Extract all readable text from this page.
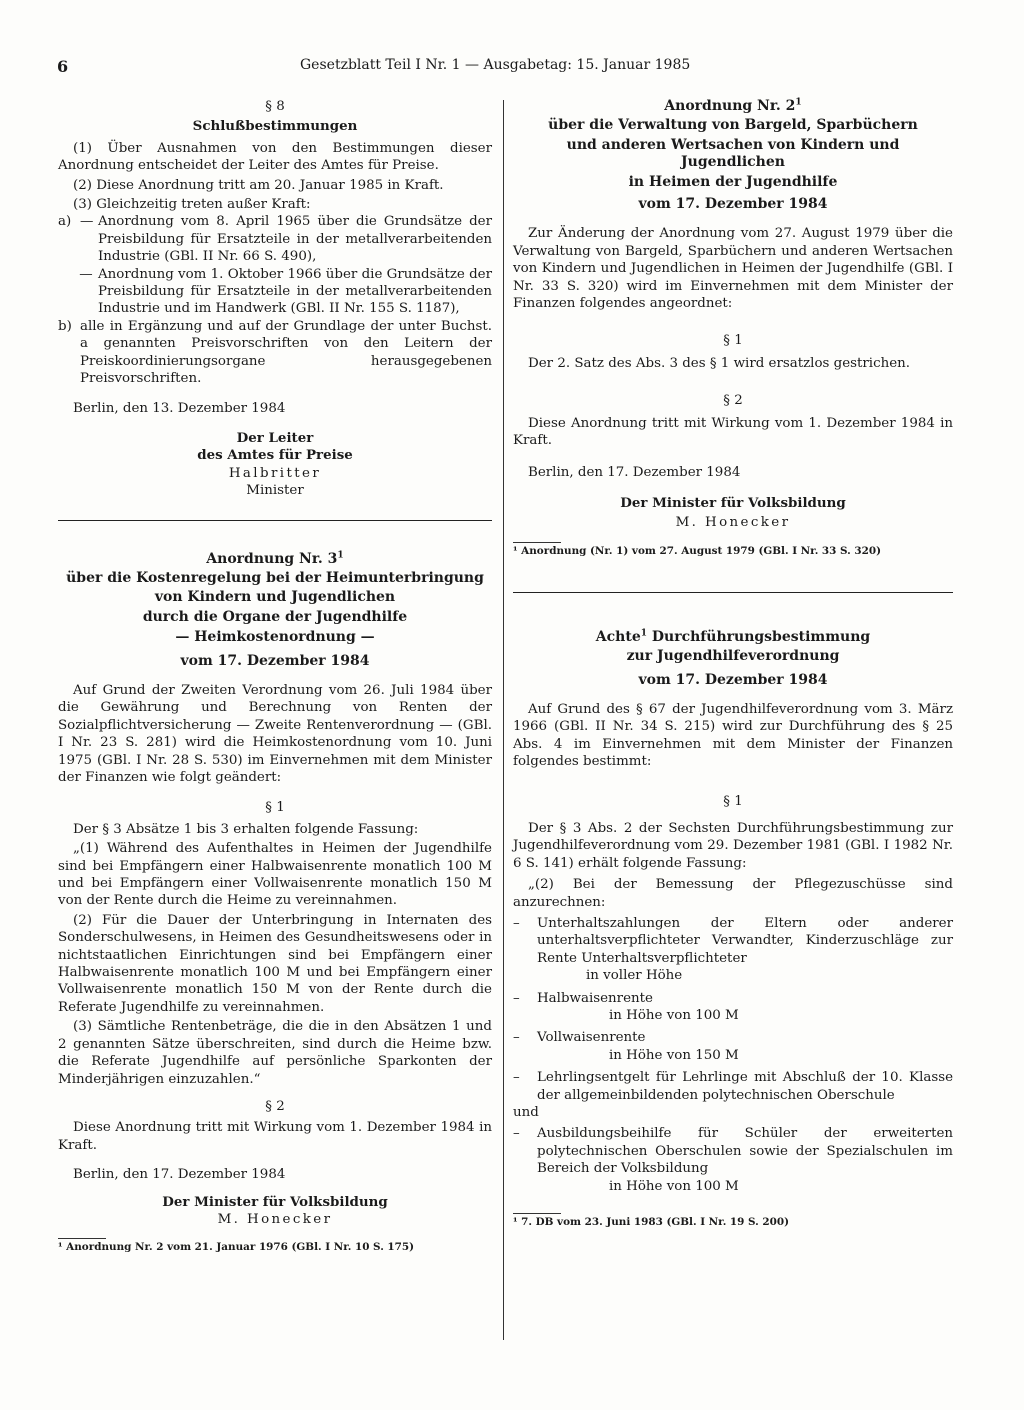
6	Gesetzblatt Teil I Nr. 1 — Ausgabetag: 15. Januar 1985

§ 8

Schlußbestimmungen

(1) Über Ausnahmen von den Bestimmungen dieser Anordnung entscheidet der Leiter des Amtes für Preise.

(2) Diese Anordnung tritt am 20. Januar 1985 in Kraft.

(3) Gleichzeitig treten außer Kraft:

a) — Anordnung vom 8. April 1965 über die Grundsätze der Preisbildung für Ersatzteile in der metallverarbeitenden Industrie (GBl. II Nr. 66 S. 490),
— Anordnung vom 1. Oktober 1966 über die Grundsätze der Preisbildung für Ersatzteile in der metallverarbeitenden Industrie und im Handwerk (GBl. II Nr. 155 S. 1187),
b) alle in Ergänzung und auf der Grundlage der unter Buchst. a genannten Preisvorschriften von den Leitern der Preiskoordinierungsorgane herausgegebenen Preisvorschriften.

Berlin, den 13. Dezember 1984

Der Leiter

des Amtes für Preise

Halbritter

Minister

Anordnung Nr. $3^1$

über die Kostenregelung bei der Heimunterbringung

von Kindern und Jugendlichen

durch die Organe der Jugendhilfe

— Heimkostenordnung —

vom 17. Dezember 1984

Auf Grund der Zweiten Verordnung vom 26. Juli 1984 über die Gewährung und Berechnung von Renten der Sozialpflichtversicherung — Zweite Rentenverordnung — (GBl. I Nr. 23 S. 281) wird die Heimkostenordnung vom 10. Juni 1975 (GBl. I Nr. 28 S. 530) im Einvernehmen mit dem Minister der Finanzen wie folgt geändert:

§ 1

Der § 3 Absätze 1 bis 3 erhalten folgende Fassung:

„(1) Während des Aufenthaltes in Heimen der Jugendhilfe sind bei Empfängern einer Halbwaisenrente monatlich 100 M und bei Empfängern einer Vollwaisenrente monatlich 150 M von der Rente durch die Heime zu vereinnahmen.

(2) Für die Dauer der Unterbringung in Internaten des Sonderschulwesens, in Heimen des Gesundheitswesens oder in nichtstaatlichen Einrichtungen sind bei Empfängern einer Halbwaisenrente monatlich 100 M und bei Empfängern einer Vollwaisenrente monatlich 150 M von der Rente durch die Referate Jugendhilfe zu vereinnahmen.

(3) Sämtliche Rentenbeträge, die die in den Absätzen 1 und 2 genannten Sätze überschreiten, sind durch die Heime bzw. die Referate Jugendhilfe auf persönliche Sparkonten der Minderjährigen einzuzahlen.“

§ 2

Diese Anordnung tritt mit Wirkung vom 1. Dezember 1984 in Kraft.

Berlin, den 17. Dezember 1984

Der Minister für Volksbildung

M. Honecker

¹ Anordnung Nr. 2 vom 21. Januar 1976 (GBl. I Nr. 10 S. 175)

Anordnung Nr. $2^1$

über die Verwaltung von Bargeld, Sparbüchern

und anderen Wertsachen von Kindern und Jugendlichen

in Heimen der Jugendhilfe

vom 17. Dezember 1984

Zur Änderung der Anordnung vom 27. August 1979 über die Verwaltung von Bargeld, Sparbüchern und anderen Wertsachen von Kindern und Jugendlichen in Heimen der Jugendhilfe (GBl. I Nr. 33 S. 320) wird im Einvernehmen mit dem Minister der Finanzen folgendes angeordnet:

§ 1

Der 2. Satz des Abs. 3 des § 1 wird ersatzlos gestrichen.

§ 2

Diese Anordnung tritt mit Wirkung vom 1. Dezember 1984 in Kraft.

Berlin, den 17. Dezember 1984

Der Minister für Volksbildung

M. Honecker

¹ Anordnung (Nr. 1) vom 27. August 1979 (GBl. I Nr. 33 S. 320)

Achte$^1$ Durchführungsbestimmung

zur Jugendhilfeverordnung

vom 17. Dezember 1984

Auf Grund des § 67 der Jugendhilfeverordnung vom 3. März 1966 (GBl. II Nr. 34 S. 215) wird zur Durchführung des § 25 Abs. 4 im Einvernehmen mit dem Minister der Finanzen folgendes bestimmt:

§ 1

Der § 3 Abs. 2 der Sechsten Durchführungsbestimmung zur Jugendhilfeverordnung vom 29. Dezember 1981 (GBl. I 1982 Nr. 6 S. 141) erhält folgende Fassung:

„(2) Bei der Bemessung der Pflegezuschüsse sind anzurechnen:

–	Unterhaltszahlungen der Eltern oder anderer unterhaltsverpflichteter Verwandter, Kinderzuschläge zur Rente Unterhaltsverpflichteter

in voller Höhe

–	Halbwaisenrente

in Höhe von 100 M

–	Vollwaisenrente

in Höhe von 150 M

–	Lehrlingsentgelt für Lehrlinge mit Abschluß der 10. Klasse der allgemeinbildenden polytechnischen Oberschule

und

–	Ausbildungsbeihilfe für Schüler der erweiterten polytechnischen Oberschulen sowie der Spezialschulen im Bereich der Volksbildung

in Höhe von 100 M

¹ 7. DB vom 23. Juni 1983 (GBl. I Nr. 19 S. 200)
